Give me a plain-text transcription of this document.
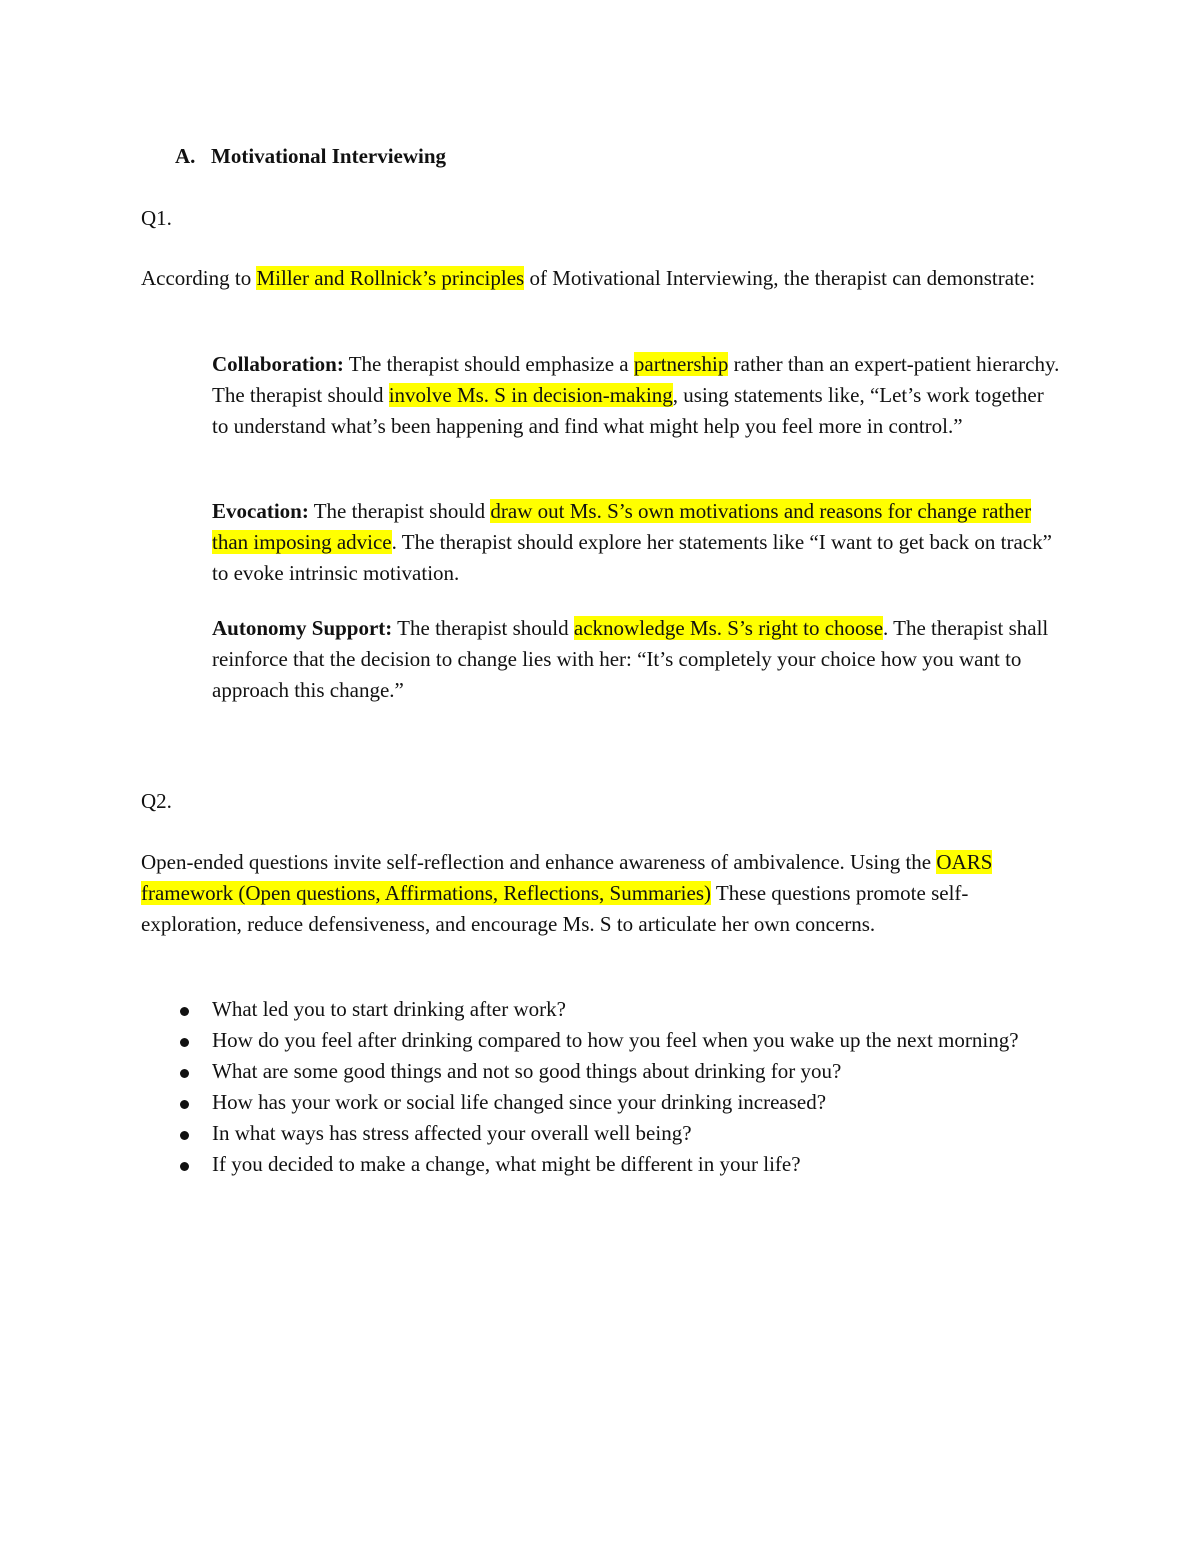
A. Motivational Interviewing
Q1.

According to Miller and Rollnick’s principles of Motivational Interviewing, the therapist can demonstrate:

Collaboration: The therapist should emphasize a partnership rather than an expert-patient hierarchy. The therapist should involve Ms. S in decision-making, using statements like, “Let’s work together to understand what’s been happening and find what might help you feel more in control.”

Evocation: The therapist should draw out Ms. S’s own motivations and reasons for change rather than imposing advice. The therapist should explore her statements like “I want to get back on track” to evoke intrinsic motivation.

Autonomy Support: The therapist should acknowledge Ms. S’s right to choose. The therapist shall reinforce that the decision to change lies with her: “It’s completely your choice how you want to approach this change.”

Q2.

Open-ended questions invite self-reflection and enhance awareness of ambivalence. Using the OARS framework (Open questions, Affirmations, Reflections, Summaries) These questions promote self-exploration, reduce defensiveness, and encourage Ms. S to articulate her own concerns.

What led you to start drinking after work?
How do you feel after drinking compared to how you feel when you wake up the next morning?
What are some good things and not so good things about drinking for you?
How has your work or social life changed since your drinking increased?
In what ways has stress affected your overall well being?
If you decided to make a change, what might be different in your life?
